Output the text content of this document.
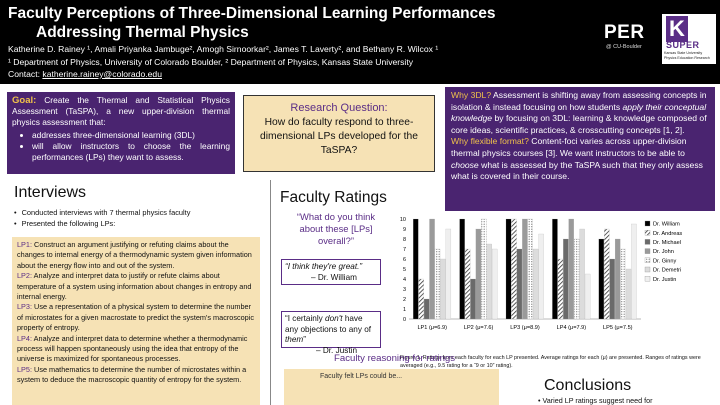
Faculty Perceptions of Three-Dimensional Learning Performances
Addressing Thermal Physics
Katherine D. Rainey ¹, Amali Priyanka Jambuge², Amogh Sirnoorkar², James T. Laverty², and Bethany R. Wilcox ¹
¹ Department of Physics, University of Colorado Boulder, ² Department of Physics, Kansas State University
Contact: katherine.rainey@colorado.edu
PER
@ CU-Boulder
K
SUPER
Kansas State University Physics Education Research
Goal: Create the Thermal and Statistical Physics Assessment (TaSPA), a new upper-division thermal physics assessment that:
• addresses three-dimensional learning (3DL)
• will allow instructors to choose the learning performances (LPs) they want to assess.
Research Question:
How do faculty respond to three-dimensional LPs developed for the TaSPA?
Why 3DL? Assessment is shifting away from assessing concepts in isolation & instead focusing on how students apply their conceptual knowledge by focusing on 3DL: learning & knowledge composed of core ideas, scientific practices, & crosscutting concepts [1, 2].
Why flexible format? Content-foci varies across upper-division thermal physics courses [3]. We want instructors to be able to choose what is assessed by the TaSPA such that they only assess what is covered in their course.
Interviews
• Conducted interviews with 7 thermal physics faculty
• Presented the following LPs:

LP1: Construct an argument justifying or refuting claims about the changes to internal energy of a thermodynamic system given information about the energy flow into and out of the system.

LP2: Analyze and interpret data to justify or refute claims about temperature of a system using information about changes in entropy and internal energy.

LP3: Use a representation of a physical system to determine the number of microstates for a given macrostate to predict the system's macroscopic property of entropy.

LP4: Analyze and interpret data to determine whether a thermodynamic process will happen spontaneously using the idea that entropy of the universe is maximized for spontaneous processes.

LP5: Use mathematics to determine the number of microstates within a system to deduce the macroscopic quantity of entropy for the system.

Faculty Ratings
“What do you think about these [LPs] overall?”
“I think they're great.”
– Dr. William
“I certainly don't have any objections to any of them”
– Dr. Justin
0
1
2
3
4
5
6
7
8
9
10
LP1 (μ=6.9)	LP2 (μ=7.6)	LP3 (μ=8.9)	LP4 (μ=7.9)	LP5 (μ=7.5)
Dr. William
Dr. Andreas
Dr. Michael
Dr. John
Dr. Ginny
Dr. Demetri
Dr. Justin
Figure 1. Ratings from each faculty for each LP presented. Average ratings for each (μ) are presented. Ranges of ratings were averaged (e.g., 9.5 rating for a “9 or 10” rating).
Faculty reasoning for ratings
Faculty felt LPs could be...
Conclusions
• Varied LP ratings suggest need for
